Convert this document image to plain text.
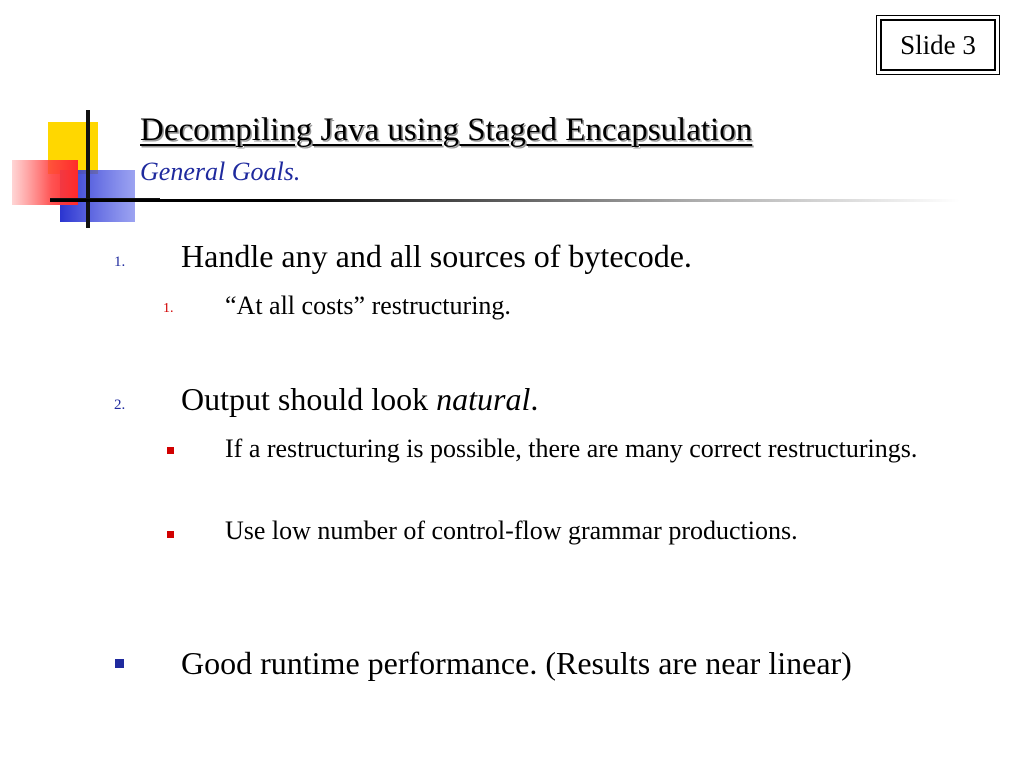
Slide 3
Decompiling Java using Staged Encapsulation
General Goals.
1. Handle any and all sources of bytecode.
1. “At all costs” restructuring.
2. Output should look natural.
If a restructuring is possible, there are many correct restructurings.
Use low number of control-flow grammar productions.
Good runtime performance. (Results are near linear)
